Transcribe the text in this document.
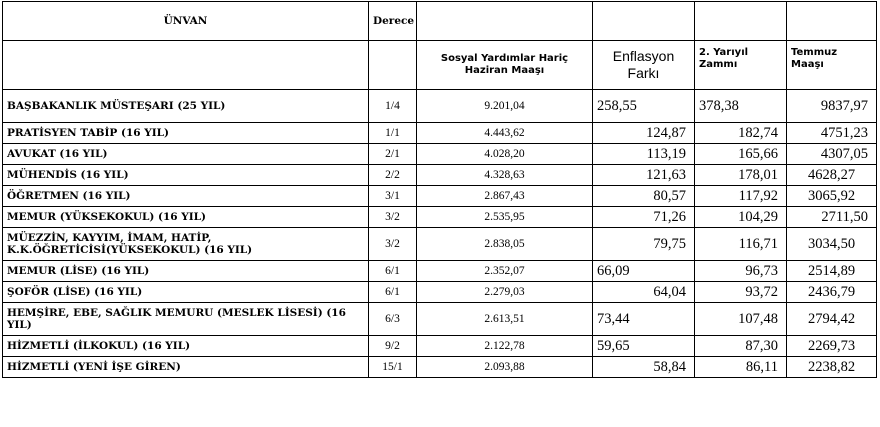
ÜNVAN	Derece				
		Sosyal Yardımlar Hariç Haziran Maaşı	Enflasyon Farkı	2. Yarıyıl Zammı	Temmuz Maaşı
BAŞBAKANLIK MÜSTEŞARI (25 YIL)	1/4	9.201,04	258,55	378,38	9837,97
PRATİSYEN TABİP (16 YIL)	1/1	4.443,62	124,87	182,74	4751,23
AVUKAT (16 YIL)	2/1	4.028,20	113,19	165,66	4307,05
MÜHENDİS (16 YIL)	2/2	4.328,63	121,63	178,01	4628,27
ÖĞRETMEN (16 YIL)	3/1	2.867,43	80,57	117,92	3065,92
MEMUR (YÜKSEKOKUL) (16 YIL)	3/2	2.535,95	71,26	104,29	2711,50
MÜEZZİN, KAYYIM, İMAM, HATİP, K.K.ÖĞRETİCİSİ(YÜKSEKOKUL) (16 YIL)	3/2	2.838,05	79,75	116,71	3034,50
MEMUR (LİSE) (16 YIL)	6/1	2.352,07	66,09	96,73	2514,89
ŞOFÖR (LİSE) (16 YIL)	6/1	2.279,03	64,04	93,72	2436,79
HEMŞİRE, EBE, SAĞLIK MEMURU (MESLEK LİSESİ) (16 YIL)	6/3	2.613,51	73,44	107,48	2794,42
HİZMETLİ (İLKOKUL) (16 YIL)	9/2	2.122,78	59,65	87,30	2269,73
HİZMETLİ (YENİ İŞE GİREN)	15/1	2.093,88	58,84	86,11	2238,82
